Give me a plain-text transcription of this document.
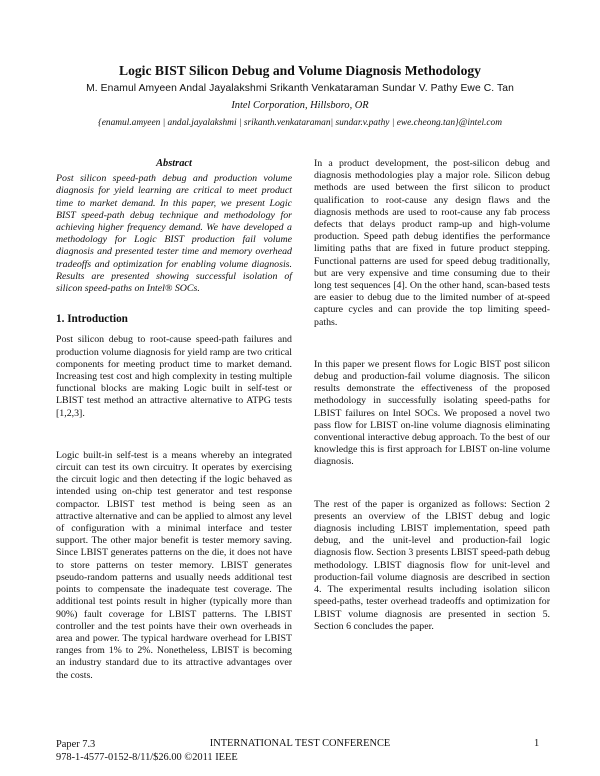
Logic BIST Silicon Debug and Volume Diagnosis Methodology
M. Enamul Amyeen Andal Jayalakshmi Srikanth Venkataraman Sundar V. Pathy Ewe C. Tan
Intel Corporation, Hillsboro, OR
{enamul.amyeen | andal.jayalakshmi | srikanth.venkataraman| sundar.v.pathy | ewe.cheong.tan}@intel.com
Abstract

Post silicon speed-path debug and production volume diagnosis for yield learning are critical to meet product time to market demand. In this paper, we present Logic BIST speed-path debug technique and methodology for achieving higher frequency demand. We have developed a methodology for Logic BIST production fail volume diagnosis and presented tester time and memory overhead tradeoffs and optimization for enabling volume diagnosis. Results are presented showing successful isolation of silicon speed-paths on Intel® SOCs.

1. Introduction

Post silicon debug to root-cause speed-path failures and production volume diagnosis for yield ramp are two critical components for meeting product time to market demand. Increasing test cost and high complexity in testing multiple functional blocks are making Logic built in self-test or LBIST test method an attractive alternative to ATPG tests [1,2,3].

Logic built-in self-test is a means whereby an integrated circuit can test its own circuitry. It operates by exercising the circuit logic and then detecting if the logic behaved as intended using on-chip test generator and test response compactor. LBIST test method is being seen as an attractive alternative and can be applied to almost any level of configuration with a minimal interface and tester support. The other major benefit is tester memory saving. Since LBIST generates patterns on the die, it does not have to store patterns on tester memory. LBIST generates pseudo-random patterns and usually needs additional test points to compensate the inadequate test coverage. The additional test points result in higher (typically more than 90%) fault coverage for LBIST patterns. The LBIST controller and the test points have their own overheads in area and power. The typical hardware overhead for LBIST ranges from 1% to 2%. Nonetheless, LBIST is becoming an industry standard due to its attractive advantages over the costs.

In a product development, the post-silicon debug and diagnosis methodologies play a major role. Silicon debug methods are used between the first silicon to product qualification to root-cause any design flaws and the diagnosis methods are used to root-cause any fab process defects that delays product ramp-up and high-volume production. Speed path debug identifies the performance limiting paths that are fixed in future product stepping. Functional patterns are used for speed debug traditionally, but are very expensive and time consuming due to their long test sequences [4]. On the other hand, scan-based tests are easier to debug due to the limited number of at-speed capture cycles and can provide the top limiting speed-paths.

In this paper we present flows for Logic BIST post silicon debug and production-fail volume diagnosis. The silicon results demonstrate the effectiveness of the proposed methodology in successfully isolating speed-paths for LBIST failures on Intel SOCs. We proposed a novel two pass flow for LBIST on-line volume diagnosis eliminating conventional interactive debug approach. To the best of our knowledge this is first approach for LBIST on-line volume diagnosis.

The rest of the paper is organized as follows: Section 2 presents an overview of the LBIST debug and logic diagnosis including LBIST implementation, speed path debug, and the unit-level and production-fail logic diagnosis flow. Section 3 presents LBIST speed-path debug methodology. LBIST diagnosis flow for unit-level and production-fail volume diagnosis are described in section 4. The experimental results including isolation silicon speed-paths, tester overhead tradeoffs and optimization for LBIST volume diagnosis are presented in section 5. Section 6 concludes the paper.

INTERNATIONAL TEST CONFERENCE
Paper 7.3
978-1-4577-0152-8/11/$26.00 ©2011 IEEE
1
